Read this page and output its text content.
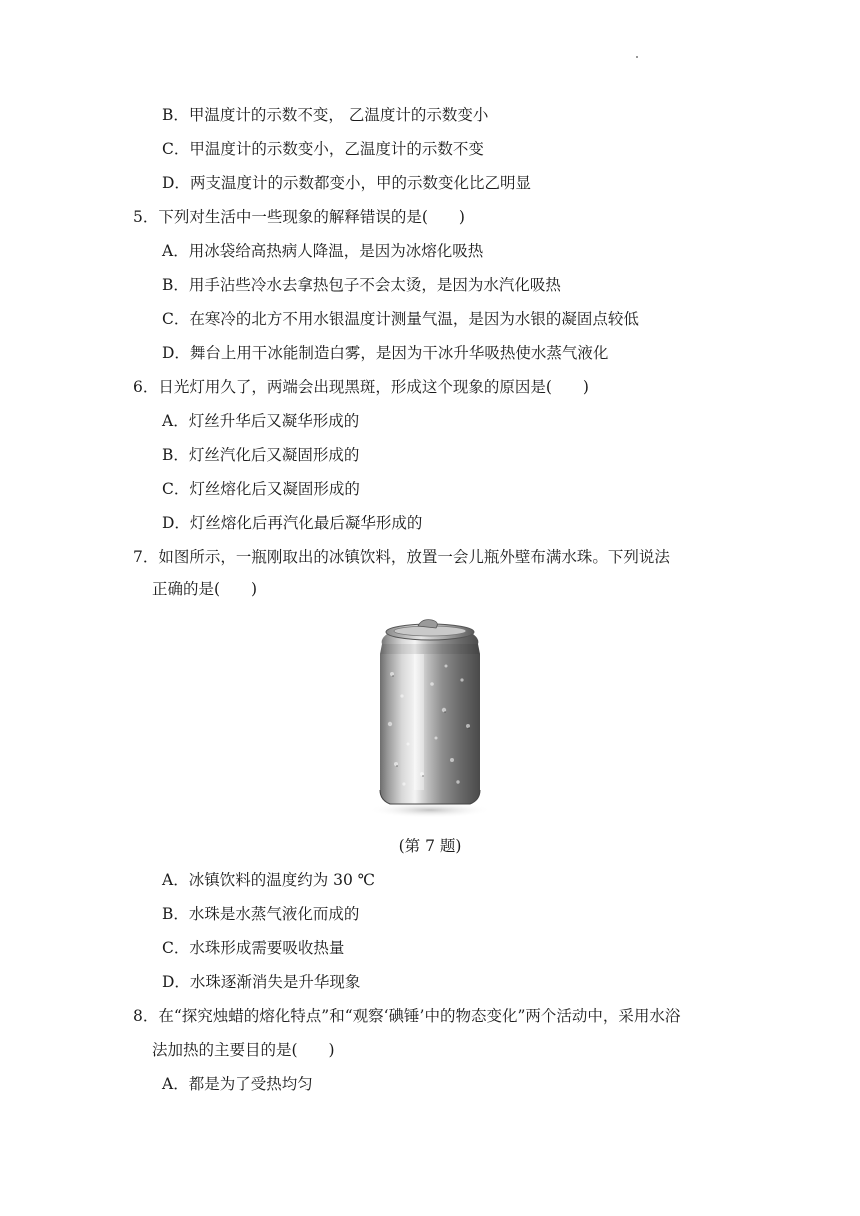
B．甲温度计的示数不变， 乙温度计的示数变小
C．甲温度计的示数变小，乙温度计的示数不变
D．两支温度计的示数都变小，甲的示数变化比乙明显
5．下列对生活中一些现象的解释错误的是(　　)
A．用冰袋给高热病人降温，是因为冰熔化吸热
B．用手沾些冷水去拿热包子不会太烫，是因为水汽化吸热
C．在寒冷的北方不用水银温度计测量气温，是因为水银的凝固点较低
D．舞台上用干冰能制造白雾，是因为干冰升华吸热使水蒸气液化
6．日光灯用久了，两端会出现黑斑，形成这个现象的原因是(　　)
A．灯丝升华后又凝华形成的
B．灯丝汽化后又凝固形成的
C．灯丝熔化后又凝固形成的
D．灯丝熔化后再汽化最后凝华形成的
7．如图所示，一瓶刚取出的冰镇饮料，放置一会儿瓶外壁布满水珠。下列说法
正确的是(　　)
(第 7 题)
A．冰镇饮料的温度约为 30 ℃
B．水珠是水蒸气液化而成的
C．水珠形成需要吸收热量
D．水珠逐渐消失是升华现象
8．在“探究烛蜡的熔化特点”和“观察‘碘锤’中的物态变化”两个活动中，采用水浴
法加热的主要目的是(　　)
A．都是为了受热均匀
